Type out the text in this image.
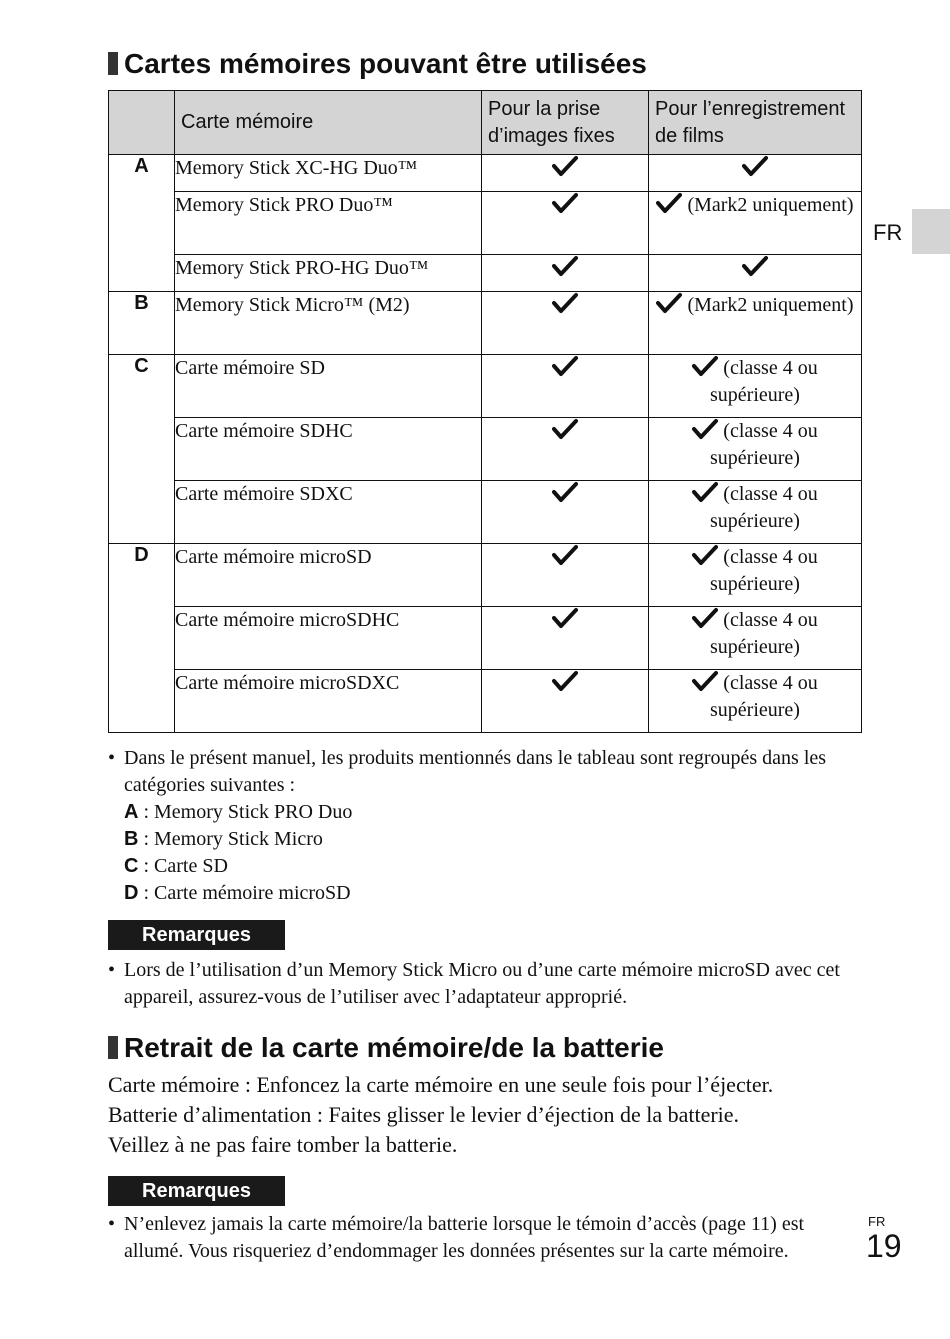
Cartes mémoires pouvant être utilisées
	Carte mémoire	Pour la prise d’images fixes	Pour l’enregistrement de films
A	Memory Stick XC-HG Duo™	

	Memory Stick PRO Duo™		(Mark2 uniquement)
	Memory Stick PRO-HG Duo™	

B	Memory Stick Micro™ (M2)		(Mark2 uniquement)
C	Carte mémoire SD		(classe 4 ou supérieure)
	Carte mémoire SDHC		(classe 4 ou supérieure)
	Carte mémoire SDXC		(classe 4 ou supérieure)
D	Carte mémoire microSD		(classe 4 ou supérieure)
	Carte mémoire microSDHC		(classe 4 ou supérieure)
	Carte mémoire microSDXC		(classe 4 ou supérieure)
FR
• Dans le présent manuel, les produits mentionnés dans le tableau sont regroupés dans les catégories suivantes :
A : Memory Stick PRO Duo
B : Memory Stick Micro
C : Carte SD
D : Carte mémoire microSD
Remarques
• Lors de l’utilisation d’un Memory Stick Micro ou d’une carte mémoire microSD avec cet appareil, assurez-vous de l’utiliser avec l’adaptateur approprié.
Retrait de la carte mémoire/de la batterie
Carte mémoire : Enfoncez la carte mémoire en une seule fois pour l’éjecter.
Batterie d’alimentation : Faites glisser le levier d’éjection de la batterie.
Veillez à ne pas faire tomber la batterie.
Remarques
• N’enlevez jamais la carte mémoire/la batterie lorsque le témoin d’accès (page 11) est allumé. Vous risqueriez d’endommager les données présentes sur la carte mémoire.
FR
19
